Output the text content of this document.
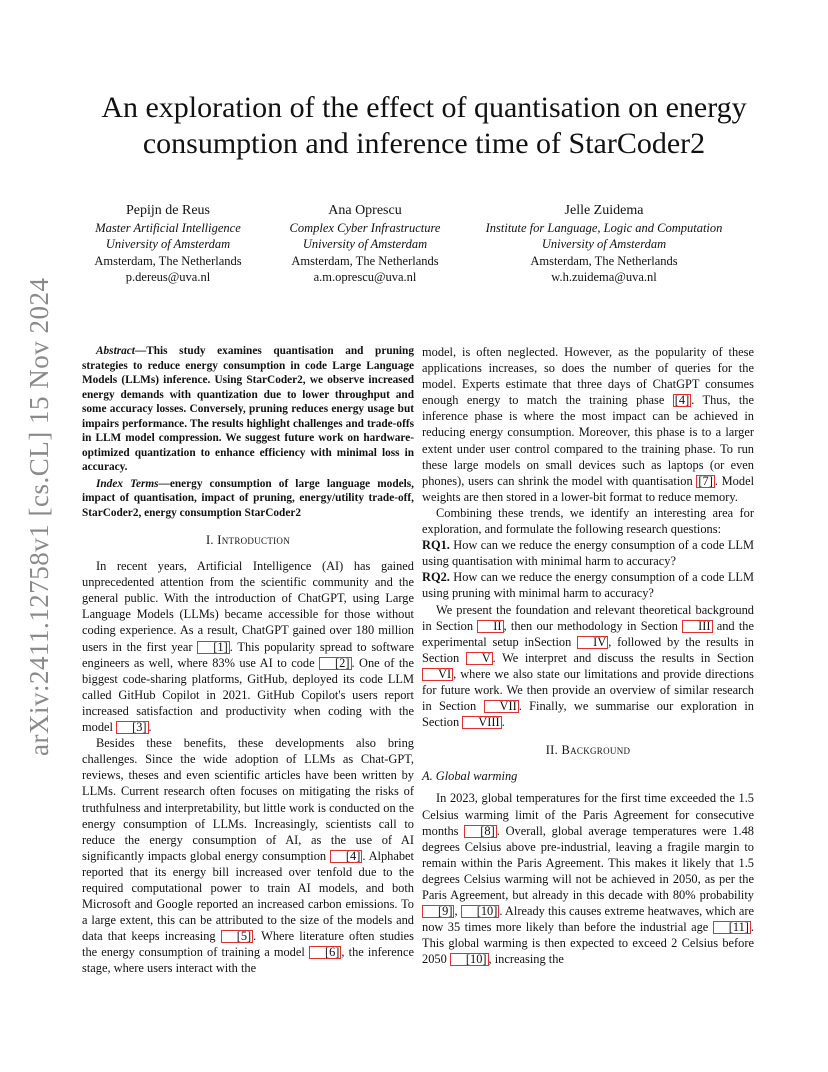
arXiv:2411.12758v1 [cs.CL] 15 Nov 2024
An exploration of the effect of quantisation on energy consumption and inference time of StarCoder2
Pepijn de Reus
Master Artificial Intelligence
University of Amsterdam
Amsterdam, The Netherlands
p.dereus@uva.nl
Ana Oprescu
Complex Cyber Infrastructure
University of Amsterdam
Amsterdam, The Netherlands
a.m.oprescu@uva.nl
Jelle Zuidema
Institute for Language, Logic and Computation
University of Amsterdam
Amsterdam, The Netherlands
w.h.zuidema@uva.nl

Abstract—This study examines quantisation and pruning strategies to reduce energy consumption in code Large Language Models (LLMs) inference. Using StarCoder2, we observe increased energy demands with quantization due to lower throughput and some accuracy losses. Conversely, pruning reduces energy usage but impairs performance. The results highlight challenges and trade-offs in LLM model compression. We suggest future work on hardware-optimized quantization to enhance efficiency with minimal loss in accuracy.

Index Terms—energy consumption of large language models, impact of quantisation, impact of pruning, energy/utility trade-off, StarCoder2, energy consumption StarCoder2

I. Introduction

In recent years, Artificial Intelligence (AI) has gained unprecedented attention from the scientific community and the general public. With the introduction of ChatGPT, using Large Language Models (LLMs) became accessible for those without coding experience. As a result, ChatGPT gained over 180 million users in the first year [1] . This popularity spread to software engineers as well, where 83% use AI to code [2] . One of the biggest code-sharing platforms, GitHub, deployed its code LLM called GitHub Copilot in 2021. GitHub Copilot's users report increased satisfaction and productivity when coding with the model [3] .

Besides these benefits, these developments also bring challenges. Since the wide adoption of LLMs as Chat-GPT, reviews, theses and even scientific articles have been written by LLMs. Current research often focuses on mitigating the risks of truthfulness and interpretability, but little work is conducted on the energy consumption of LLMs. Increasingly, scientists call to reduce the energy consumption of AI, as the use of AI significantly impacts global energy consumption [4] . Alphabet reported that its energy bill increased over tenfold due to the required computational power to train AI models, and both Microsoft and Google reported an increased carbon emissions. To a large extent, this can be attributed to the size of the models and data that keeps increasing [5] . Where literature often studies the energy consumption of training a model [6] , the inference stage, where users interact with the

model, is often neglected. However, as the popularity of these applications increases, so does the number of queries for the model. Experts estimate that three days of ChatGPT consumes enough energy to match the training phase [4] . Thus, the inference phase is where the most impact can be achieved in reducing energy consumption. Moreover, this phase is to a larger extent under user control compared to the training phase. To run these large models on small devices such as laptops (or even phones), users can shrink the model with quantisation [7] . Model weights are then stored in a lower-bit format to reduce memory.

Combining these trends, we identify an interesting area for exploration, and formulate the following research questions:

RQ1. How can we reduce the energy consumption of a code LLM using quantisation with minimal harm to accuracy?

RQ2. How can we reduce the energy consumption of a code LLM using pruning with minimal harm to accuracy?

We present the foundation and relevant theoretical background in Section II , then our methodology in Section III and the experimental setup inSection IV , followed by the results in Section V . We interpret and discuss the results in Section VI , where we also state our limitations and provide directions for future work. We then provide an overview of similar research in Section VII . Finally, we summarise our exploration in Section VIII .

II. Background

A. Global warming

In 2023, global temperatures for the first time exceeded the 1.5 Celsius warming limit of the Paris Agreement for consecutive months [8] . Overall, global average temperatures were 1.48 degrees Celsius above pre-industrial, leaving a fragile margin to remain within the Paris Agreement. This makes it likely that 1.5 degrees Celsius warming will not be achieved in 2050, as per the Paris Agreement, but already in this decade with 80% probability [9] , [10] . Already this causes extreme heatwaves, which are now 35 times more likely than before the industrial age [11] . This global warming is then expected to exceed 2 Celsius before 2050 [10] , increasing the
